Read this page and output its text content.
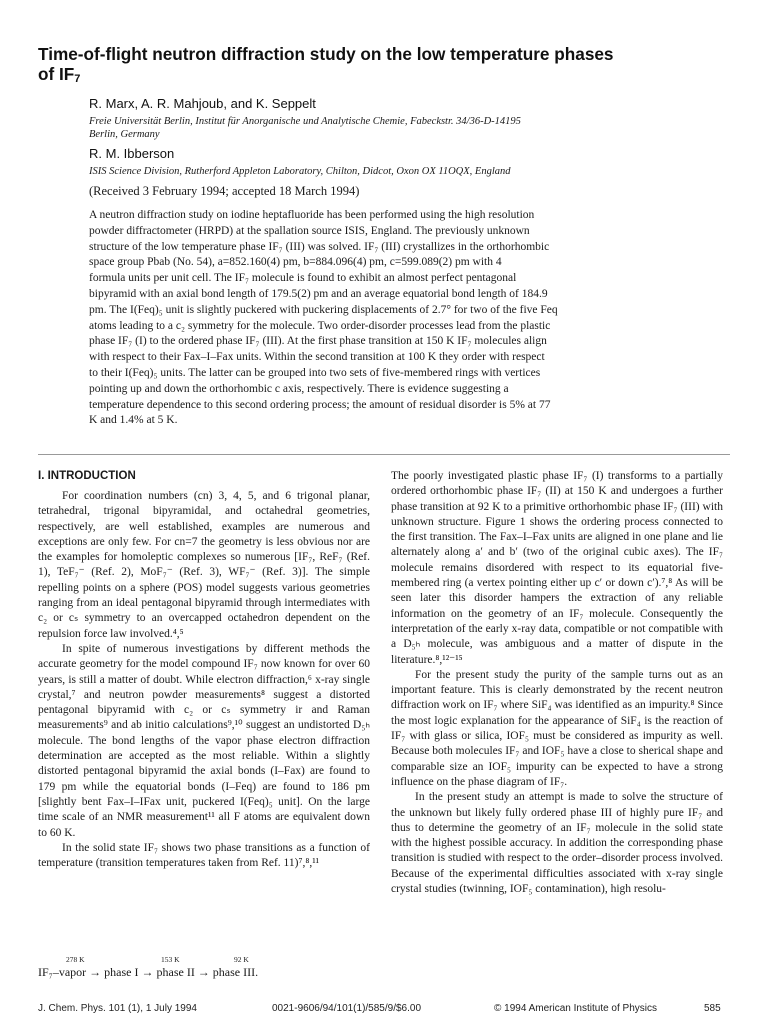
Time-of-flight neutron diffraction study on the low temperature phases
of $IF_7$
R. Marx, A. R. Mahjoub, and K. Seppelt
Freie Universität Berlin, Institut für Anorganische und Analytische Chemie, Fabeckstr. 34/36-D-14195
Berlin, Germany
R. M. Ibberson
ISIS Science Division, Rutherford Appleton Laboratory, Chilton, Didcot, Oxon OX 11OQX, England
(Received 3 February 1994; accepted 18 March 1994)
A neutron diffraction study on iodine heptafluoride has been performed using the high resolution
powder diffractometer (HRPD) at the spallation source ISIS, England. The previously unknown
structure of the low temperature phase IF₇ (III) was solved. IF₇ (III) crystallizes in the orthorhombic
space group Pbab (No. 54), a=852.160(4) pm, b=884.096(4) pm, c=599.089(2) pm with 4
formula units per unit cell. The IF₇ molecule is found to exhibit an almost perfect pentagonal
bipyramid with an axial bond length of 179.5(2) pm and an average equatorial bond length of 184.9
pm. The I(Feq)₅ unit is slightly puckered with puckering displacements of 2.7° for two of the five Feq
atoms leading to a c₂ symmetry for the molecule. Two order-disorder processes lead from the plastic
phase IF₇ (I) to the ordered phase IF₇ (III). At the first phase transition at 150 K IF₇ molecules align
with respect to their Fax–I–Fax units. Within the second transition at 100 K they order with respect
to their I(Feq)₅ units. The latter can be grouped into two sets of five-membered rings with vertices
pointing up and down the orthorhombic c axis, respectively. There is evidence suggesting a
temperature dependence to this second ordering process; the amount of residual disorder is 5% at 77
K and 1.4% at 5 K.
I. INTRODUCTION

For coordination numbers (cn) 3, 4, 5, and 6 trigonal planar, tetrahedral, trigonal bipyramidal, and octahedral geometries, respectively, are well established, examples are numerous and exceptions are only few. For cn=7 the geometry is less obvious nor are the examples for homoleptic complexes so numerous [IF₇, ReF₇ (Ref. 1), TeF₇⁻ (Ref. 2), MoF₇⁻ (Ref. 3), WF₇⁻ (Ref. 3)]. The simple repelling points on a sphere (POS) model suggests various geometries ranging from an ideal pentagonal bipyramid through intermediates with c₂ or cₛ symmetry to an overcapped octahedron dependent on the repulsion force law involved.⁴,⁵

In spite of numerous investigations by different methods the accurate geometry for the model compound IF₇ now known for over 60 years, is still a matter of doubt. While electron diffraction,⁶ x-ray single crystal,⁷ and neutron powder measurements⁸ suggest a distorted pentagonal bipyramid with c₂ or cₛ symmetry ir and Raman measurements⁹ and ab initio calculations⁹,¹⁰ suggest an undistorted D₅ₕ molecule. The bond lengths of the vapor phase electron diffraction determination are accepted as the most reliable. Within a slightly distorted pentagonal bipyramid the axial bonds (I–Fax) are found to 179 pm while the equatorial bonds (I–Feq) are found to 186 pm [slightly bent Fax–I–IFax unit, puckered I(Feq)₅ unit]. On the large time scale of an NMR measurement¹¹ all F atoms are equivalent down to 60 K.

In the solid state IF₇ shows two phase transitions as a function of temperature (transition temperatures taken from Ref. 11)⁷,⁸,¹¹

278 K	153 K	92 K
IF₇–vapor → phase I → phase II → phase III.

The poorly investigated plastic phase IF₇ (I) transforms to a partially ordered orthorhombic phase IF₇ (II) at 150 K and undergoes a further phase transition at 92 K to a primitive orthorhombic phase IF₇ (III) with unknown structure. Figure 1 shows the ordering process connected to the first transition. The Fax–I–Fax units are aligned in one plane and lie alternately along a′ and b′ (two of the original cubic axes). The IF₇ molecule remains disordered with respect to its equatorial five-membered ring (a vertex pointing either up c′ or down c′).⁷,⁸ As will be seen later this disorder hampers the extraction of any reliable information on the geometry of an IF₇ molecule. Consequently the interpretation of the early x-ray data, compatible or not compatible with a D₅ₕ molecule, was ambiguous and a matter of dispute in the literature.⁸,¹²⁻¹⁵

For the present study the purity of the sample turns out as an important feature. This is clearly demonstrated by the recent neutron diffraction work on IF₇ where SiF₄ was identified as an impurity.⁸ Since the most logic explanation for the appearance of SiF₄ is the reaction of IF₇ with glass or silica, IOF₅ must be considered as impurity as well. Because both molecules IF₇ and IOF₅ have a close to sherical shape and comparable size an IOF₅ impurity can be expected to have a strong influence on the phase diagram of IF₇.

In the present study an attempt is made to solve the structure of the unknown but likely fully ordered phase III of highly pure IF₇ and thus to determine the geometry of an IF₇ molecule in the solid state with the highest possible accuracy. In addition the corresponding phase transition is studied with respect to the order–disorder process involved. Because of the experimental difficulties associated with x-ray single crystal studies (twinning, IOF₅ contamination), high resolu-

J. Chem. Phys. 101 (1), 1 July 1994	0021-9606/94/101(1)/585/9/$6.00	© 1994 American Institute of Physics	585
